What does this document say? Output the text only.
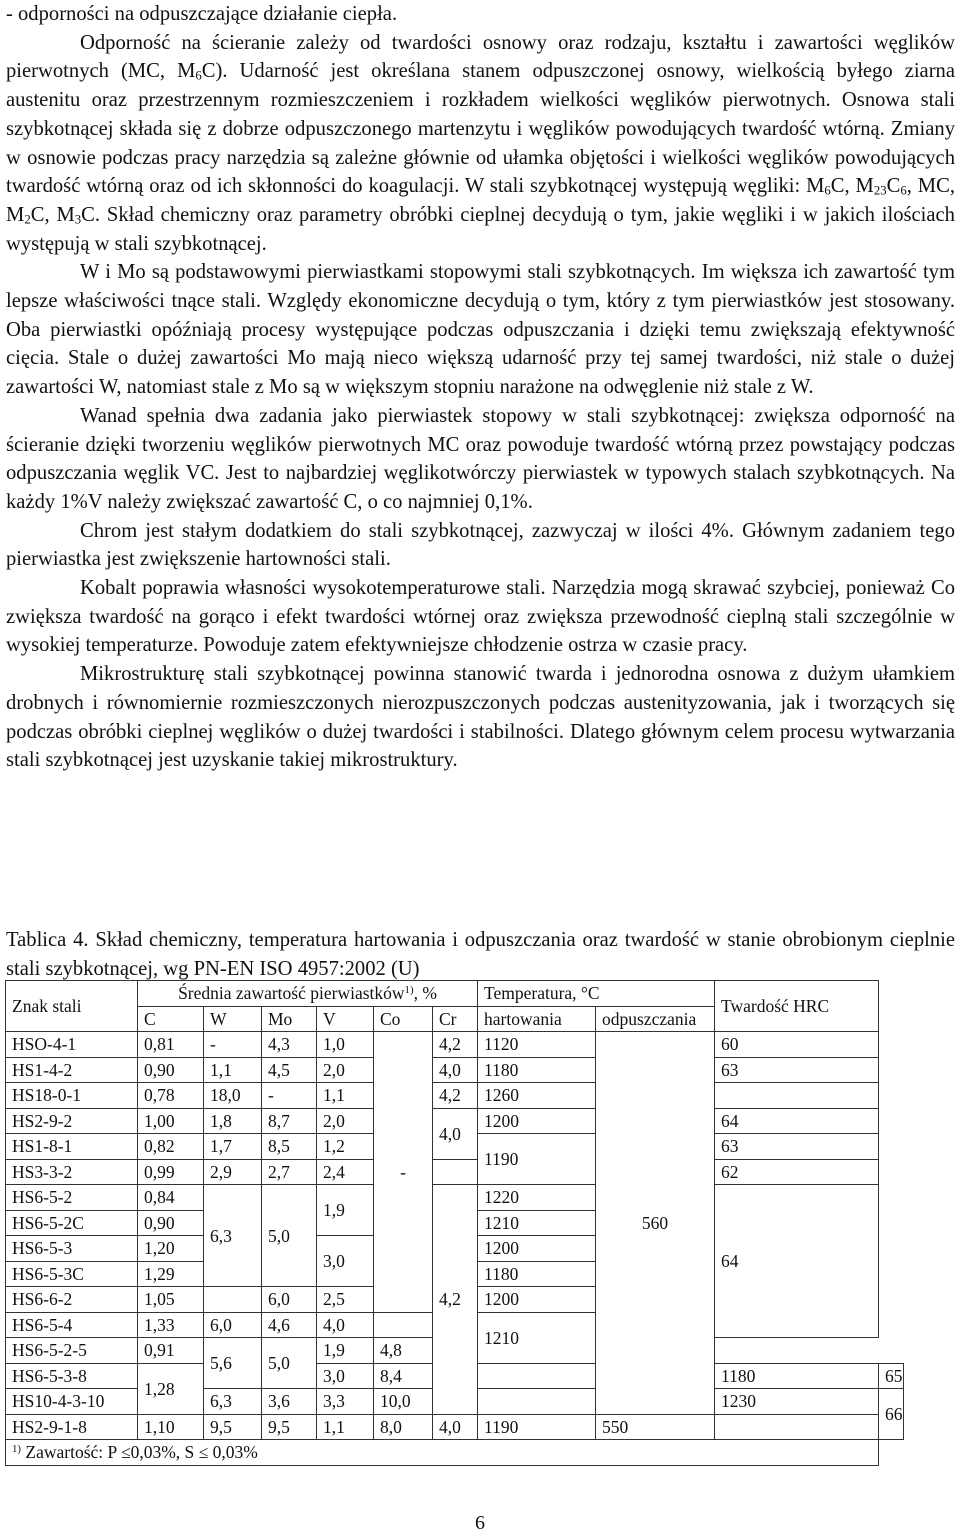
- odporności na odpuszczające działanie ciepła.

Odporność na ścieranie zależy od twardości osnowy oraz rodzaju, kształtu i zawartości węglików pierwotnych (MC, $M_6C$). Udarność jest określana stanem odpuszczonej osnowy, wielkością byłego ziarna austenitu oraz przestrzennym rozmieszczeniem i rozkładem wielkości węglików pierwotnych. Osnowa stali szybkotnącej składa się z dobrze odpuszczonego martenzytu i węglików powodujących twardość wtórną. Zmiany w osnowie podczas pracy narzędzia są zależne głównie od ułamka objętości i wielkości węglików powodujących twardość wtórną oraz od ich skłonności do koagulacji. W stali szybkotnącej występują węgliki: $M_6C$, $M_{23}C_6$, MC, $M_2C$, $M_3C$. Skład chemiczny oraz parametry obróbki cieplnej decydują o tym, jakie węgliki i w jakich ilościach występują w stali szybkotnącej.

W i Mo są podstawowymi pierwiastkami stopowymi stali szybkotnących. Im większa ich zawartość tym lepsze właściwości tnące stali. Względy ekonomiczne decydują o tym, który z tym pierwiastków jest stosowany. Oba pierwiastki opóźniają procesy występujące podczas odpuszczania i dzięki temu zwiększają efektywność cięcia. Stale o dużej zawartości Mo mają nieco większą udarność przy tej samej twardości, niż stale o dużej zawartości W, natomiast stale z Mo są w większym stopniu narażone na odwęglenie niż stale z W.

Wanad spełnia dwa zadania jako pierwiastek stopowy w stali szybkotnącej: zwiększa odporność na ścieranie dzięki tworzeniu węglików pierwotnych MC oraz powoduje twardość wtórną przez powstający podczas odpuszczania węglik VC. Jest to najbardziej węglikotwórczy pierwiastek w typowych stalach szybkotnących. Na każdy 1%V należy zwiększać zawartość C, o co najmniej 0,1%.

Chrom jest stałym dodatkiem do stali szybkotnącej, zazwyczaj w ilości 4%. Głównym zadaniem tego pierwiastka jest zwiększenie hartowności stali.

Kobalt poprawia własności wysokotemperaturowe stali. Narzędzia mogą skrawać szybciej, ponieważ Co zwiększa twardość na gorąco i efekt twardości wtórnej oraz zwiększa przewodność cieplną stali szczególnie w wysokiej temperaturze. Powoduje zatem efektywniejsze chłodzenie ostrza w czasie pracy.

Mikrostrukturę stali szybkotnącej powinna stanowić twarda i jednorodna osnowa z dużym ułamkiem drobnych i równomiernie rozmieszczonych nierozpuszczonych podczas austenityzowania, jak i tworzących się podczas obróbki cieplnej węglików o dużej twardości i stabilności. Dlatego głównym celem procesu wytwarzania stali szybkotnącej jest uzyskanie takiej mikrostruktury.

Tablica 4. Skład chemiczny, temperatura hartowania i odpuszczania oraz twardość w stanie obrobionym cieplnie stali szybkotnącej, wg PN-EN ISO 4957:2002 (U)

Znak stali	Średnia zawartość pierwiastków$^{1)}$, %						Temperatura, °C		Twardość HRC	
	C	W	Mo	V	Co	Cr	hartowania	odpuszczania		
HSO-4-1	0,81	-	4,3	1,0	-	4,2	1120	560	60	
HS1-4-2	0,90	1,1	4,5	2,0		4,0	1180		63	
HS18-0-1	0,78	18,0	-	1,1		4,2	1260			
HS2-9-2	1,00	1,8	8,7	2,0		4,0	1200		64	
HS1-8-1	0,82	1,7	8,5	1,2			1190		63	
HS3-3-2	0,99	2,9	2,7	2,4					62	
HS6-5-2	0,84	6,3	5,0	1,9		4,2	1220		64	
HS6-5-2C	0,90						1210			
HS6-5-3	1,20			3,0			1200			
HS6-5-3C	1,29						1180			
HS6-6-2	1,05		6,0	2,5			1200			
HS6-5-4	1,33	6,0	4,6	4,0			1210			
HS6-5-2-5	0,91	5,6	5,0	1,9	4,8					
HS6-5-3-8	1,28			3,0	8,4				1180	65
HS10-4-3-10		6,3	3,6	3,3	10,0				1230	66
HS2-9-1-8	1,10	9,5	9,5	1,1	8,0	4,0	1190	550		
$^{1)}$ Zawartość: P ≤0,03%, S ≤ 0,03%										
6
